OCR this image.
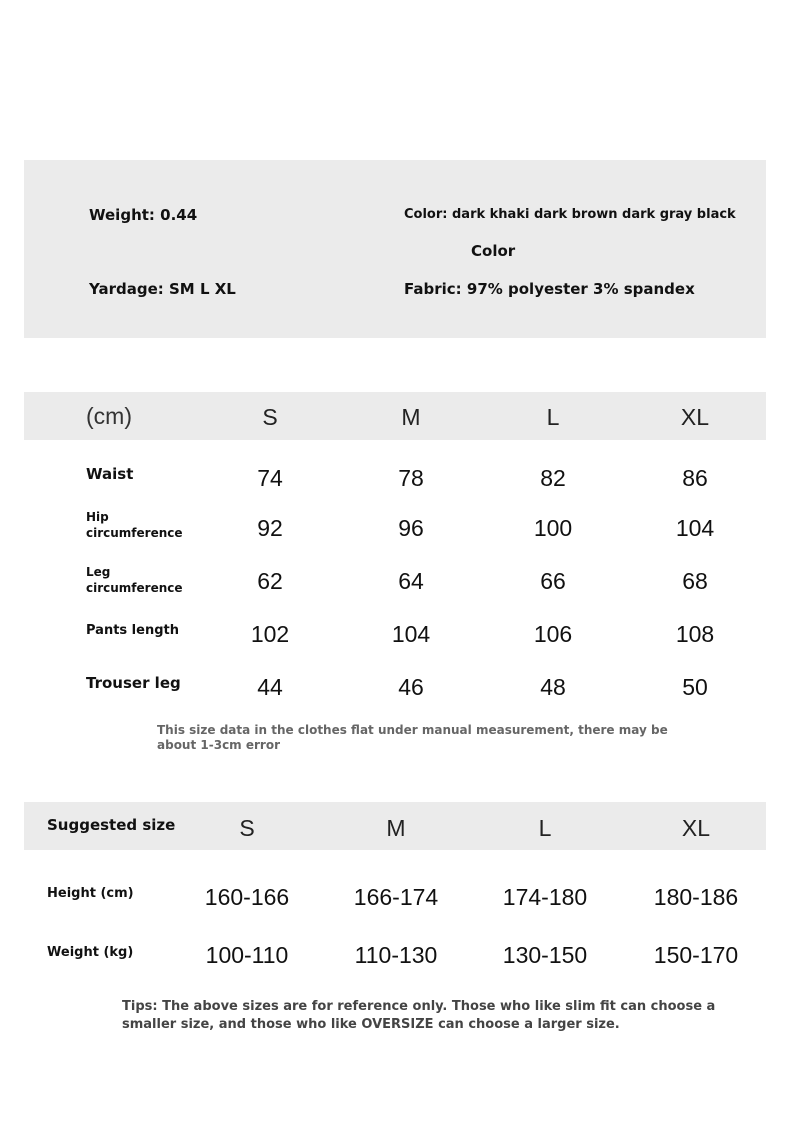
Weight: 0.44	Color: dark khaki dark brown dark gray black
Color
Yardage: SM L XL	Fabric: 97% polyester 3% spandex
(cm)	S	M	L	XL
Waist	74	78	82	86
Hip
circumference	92	96	100	104
Leg
circumference	62	64	66	68
Pants length	102	104	106	108
Trouser leg	44	46	48	50
This size data in the clothes flat under manual measurement, there may be
about 1-3cm error
Suggested size	S	M	L	XL
Height (cm)	160-166	166-174	174-180	180-186
Weight (kg)	100-110	110-130	130-150	150-170
Tips: The above sizes are for reference only. Those who like slim fit can choose a
smaller size, and those who like OVERSIZE can choose a larger size.
